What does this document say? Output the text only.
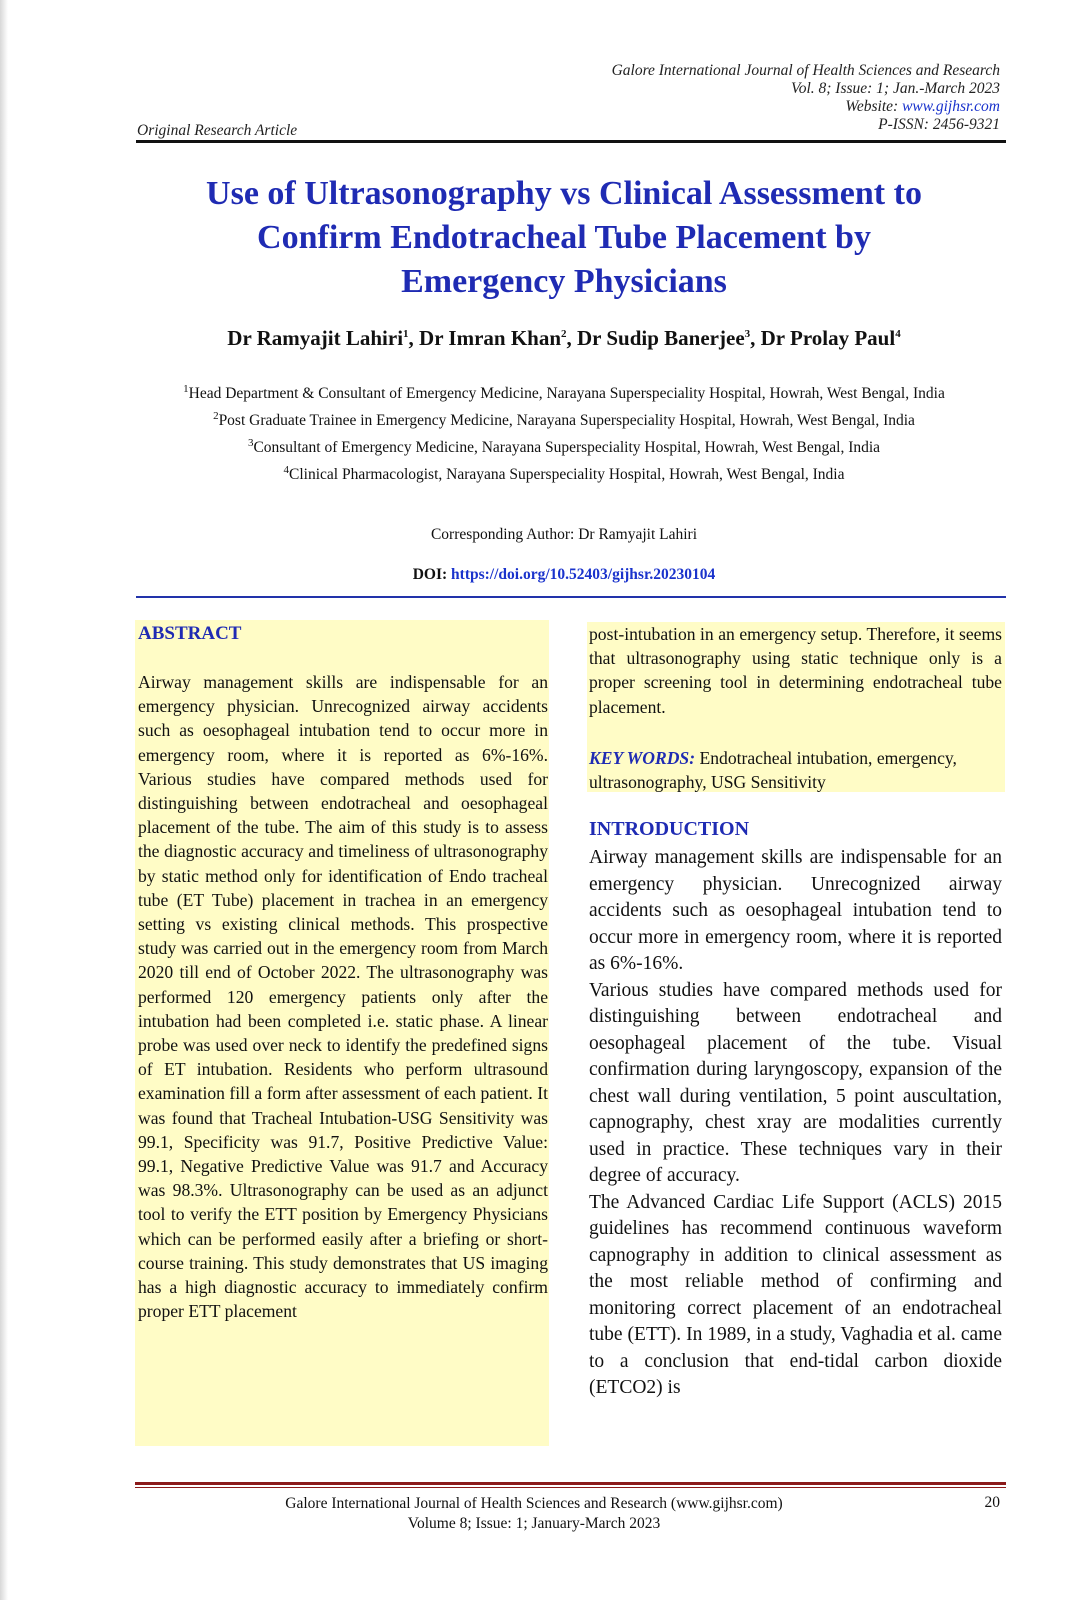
Galore International Journal of Health Sciences and Research
Vol. 8; Issue: 1; Jan.-March 2023
Website: www.gijhsr.com
P-ISSN: 2456-9321
Original Research Article
Use of Ultrasonography vs Clinical Assessment to
Confirm Endotracheal Tube Placement by
Emergency Physicians
Dr Ramyajit Lahiri$^1$, Dr Imran Khan$^2$, Dr Sudip Banerjee$^3$, Dr Prolay Paul$^4$
$^1$Head Department & Consultant of Emergency Medicine, Narayana Superspeciality Hospital, Howrah, West Bengal, India
$^2$Post Graduate Trainee in Emergency Medicine, Narayana Superspeciality Hospital, Howrah, West Bengal, India
$^3$Consultant of Emergency Medicine, Narayana Superspeciality Hospital, Howrah, West Bengal, India
$^4$Clinical Pharmacologist, Narayana Superspeciality Hospital, Howrah, West Bengal, India
Corresponding Author: Dr Ramyajit Lahiri
DOI: https://doi.org/10.52403/gijhsr.20230104
ABSTRACT
Airway management skills are indispensable for an emergency physician. Unrecognized airway accidents such as oesophageal intubation tend to occur more in emergency room, where it is reported as 6%-16%. Various studies have compared methods used for distinguishing between endotracheal and oesophageal placement of the tube. The aim of this study is to assess the diagnostic accuracy and timeliness of ultrasonography by static method only for identification of Endo tracheal tube (ET Tube) placement in trachea in an emergency setting vs existing clinical methods. This prospective study was carried out in the emergency room from March 2020 till end of October 2022. The ultrasonography was performed 120 emergency patients only after the intubation had been completed i.e. static phase. A linear probe was used over neck to identify the predefined signs of ET intubation. Residents who perform ultrasound examination fill a form after assessment of each patient. It was found that Tracheal Intubation-USG Sensitivity was 99.1, Specificity was 91.7, Positive Predictive Value: 99.1, Negative Predictive Value was 91.7 and Accuracy was 98.3%. Ultrasonography can be used as an adjunct tool to verify the ETT position by Emergency Physicians which can be performed easily after a briefing or short-course training. This study demonstrates that US imaging has a high diagnostic accuracy to immediately confirm proper ETT placement
post-intubation in an emergency setup. Therefore, it seems that ultrasonography using static technique only is a proper screening tool in determining endotracheal tube placement.
KEY WORDS: Endotracheal intubation, emergency, ultrasonography, USG Sensitivity
INTRODUCTION

Airway management skills are indispensable for an emergency physician. Unrecognized airway accidents such as oesophageal intubation tend to occur more in emergency room, where it is reported as 6%-16%.

Various studies have compared methods used for distinguishing between endotracheal and oesophageal placement of the tube. Visual confirmation during laryngoscopy, expansion of the chest wall during ventilation, 5 point auscultation, capnography, chest xray are modalities currently used in practice. These techniques vary in their degree of accuracy.

The Advanced Cardiac Life Support (ACLS) 2015 guidelines has recommend continuous waveform capnography in addition to clinical assessment as the most reliable method of confirming and monitoring correct placement of an endotracheal tube (ETT). In 1989, in a study, Vaghadia et al. came to a conclusion that end-tidal carbon dioxide (ETCO2) is

Galore International Journal of Health Sciences and Research (www.gijhsr.com)
Volume 8; Issue: 1; January-March 2023
20
